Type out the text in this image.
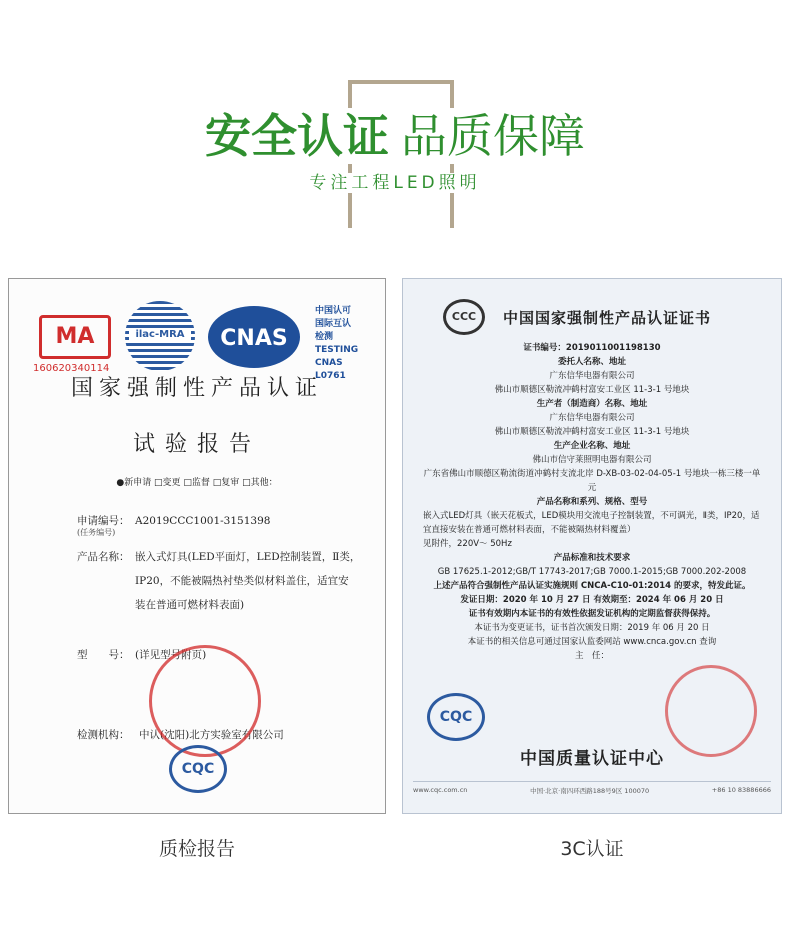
安全认证 品质保障
专注工程LED照明
MA
160620340114
ilac-MRA CNAS
中国认可
国际互认
检测
TESTING
CNAS L0761
国家强制性产品认证
试验报告
●新申请 □变更 □监督 □复审 □其他：
申请编号： A2019CCC1001-3151398
(任务编号)
产品名称： 嵌入式灯具(LED平面灯，LED控制装置，Ⅱ类，
IP20，不能被隔热衬垫类似材料盖住，适宜安
装在普通可燃材料表面)
型　　号： (详见型号附页)
检测机构： 中认(沈阳)北方实验室有限公司
CQC
CCC	中国国家强制性产品认证证书

证书编号：2019011001198130

委托人名称、地址

广东信华电器有限公司

佛山市顺德区勒流冲鹤村富安工业区 11-3-1 号地块

生产者（制造商）名称、地址

广东信华电器有限公司

佛山市顺德区勒流冲鹤村富安工业区 11-3-1 号地块

生产企业名称、地址

佛山市信守莱照明电器有限公司

广东省佛山市顺德区勒流街道冲鹤村支流北岸 D-XB-03-02-04-05-1 号地块一栋三楼一单元

产品名称和系列、规格、型号

嵌入式LED灯具（嵌天花板式，LED模块用交流电子控制装置，不可调光，Ⅱ类，IP20，适宜直接安装在普通可燃材料表面，不能被隔热材料覆盖）

见附件，220V～ 50Hz

产品标准和技术要求

GB 17625.1-2012;GB/T 17743-2017;GB 7000.1-2015;GB 7000.202-2008

上述产品符合强制性产品认证实施规则 CNCA-C10-01:2014 的要求，特发此证。

发证日期：2020 年 10 月 27 日 有效期至：2024 年 06 月 20 日

证书有效期内本证书的有效性依据发证机构的定期监督获得保持。

本证书为变更证书，证书首次颁发日期：2019 年 06 月 20 日

本证书的相关信息可通过国家认监委网站 www.cnca.gov.cn 查询

主　任：

CQC
中国质量认证中心
www.cqc.com.cn	中国·北京·南四环西路188号9区 100070	+86 10 83886666
质检报告	3C认证
